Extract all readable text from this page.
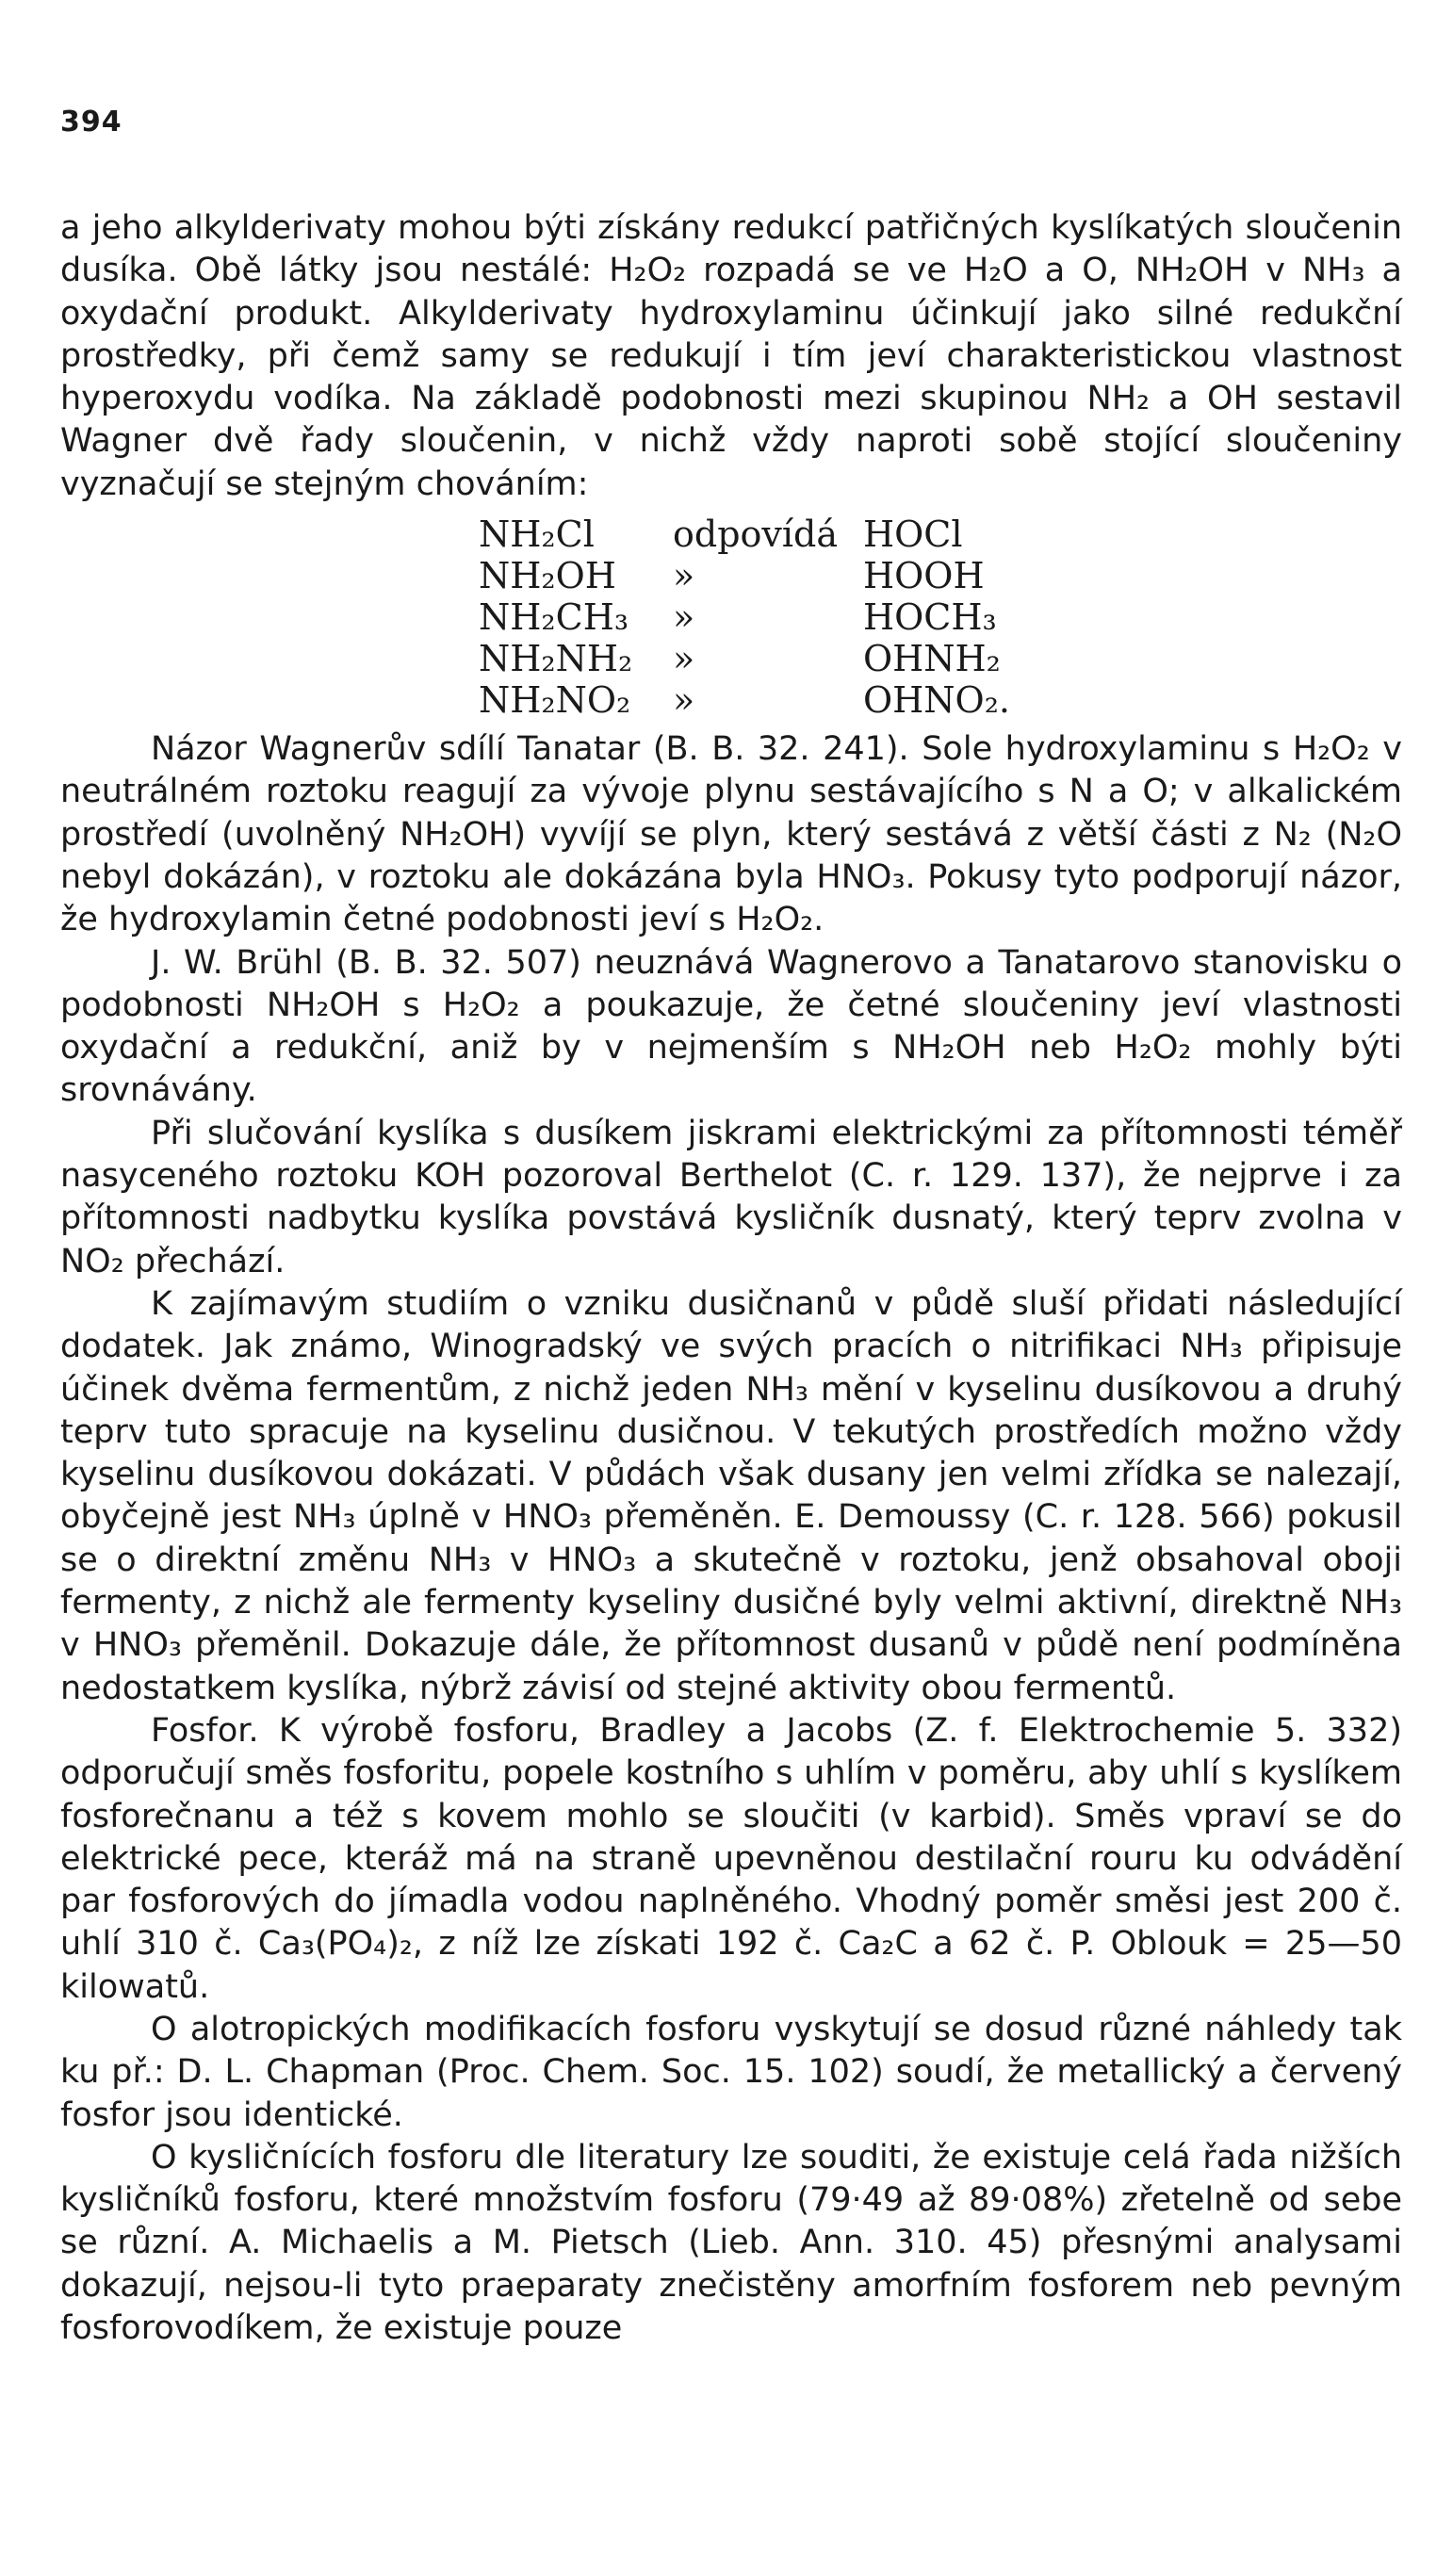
394

a jeho alkylderivaty mohou býti získány redukcí patřičných kyslíkatých sloučenin dusíka. Obě látky jsou nestálé: H₂O₂ rozpadá se ve H₂O a O, NH₂OH v NH₃ a oxydační produkt. Alkylderivaty hydroxylaminu účinkují jako silné redukční prostředky, při čemž samy se redukují i tím jeví charakteristickou vlastnost hyperoxydu vodíka. Na základě podobnosti mezi skupinou NH₂ a OH sestavil Wagner dvě řady sloučenin, v nichž vždy naproti sobě stojící sloučeniny vyznačují se stejným chováním:

NH₂Cl	odpovídá	HOCl
NH₂OH	»	HOOH
NH₂CH₃	»	HOCH₃
NH₂NH₂	»	OHNH₂
NH₂NO₂	»	OHNO₂.

Názor Wagnerův sdílí Tanatar (B. B. 32. 241). Sole hydroxylaminu s H₂O₂ v neutrálném roztoku reagují za vývoje plynu sestávajícího s N a O; v alkalickém prostředí (uvolněný NH₂OH) vyvíjí se plyn, který sestává z větší části z N₂ (N₂O nebyl dokázán), v roztoku ale dokázána byla HNO₃. Pokusy tyto podporují názor, že hydroxylamin četné podobnosti jeví s H₂O₂.

J. W. Brühl (B. B. 32. 507) neuznává Wagnerovo a Tanatarovo stanovisku o podobnosti NH₂OH s H₂O₂ a poukazuje, že četné sloučeniny jeví vlastnosti oxydační a redukční, aniž by v nejmenším s NH₂OH neb H₂O₂ mohly býti srovnávány.

Při slučování kyslíka s dusíkem jiskrami elektrickými za přítomnosti téměř nasyceného roztoku KOH pozoroval Berthelot (C. r. 129. 137), že nejprve i za přítomnosti nadbytku kyslíka povstává kysličník dusnatý, který teprv zvolna v NO₂ přechází.

K zajímavým studiím o vzniku dusičnanů v půdě sluší přidati následující dodatek. Jak známo, Winogradský ve svých pracích o nitrifikaci NH₃ připisuje účinek dvěma fermentům, z nichž jeden NH₃ mění v kyselinu dusíkovou a druhý teprv tuto spracuje na kyselinu dusičnou. V tekutých prostředích možno vždy kyselinu dusíkovou dokázati. V půdách však dusany jen velmi zřídka se nalezají, obyčejně jest NH₃ úplně v HNO₃ přeměněn. E. Demoussy (C. r. 128. 566) pokusil se o direktní změnu NH₃ v HNO₃ a skutečně v roztoku, jenž obsahoval oboji fermenty, z nichž ale fermenty kyseliny dusičné byly velmi aktivní, direktně NH₃ v HNO₃ přeměnil. Dokazuje dále, že přítomnost dusanů v půdě není podmíněna nedostatkem kyslíka, nýbrž závisí od stejné aktivity obou fermentů.

Fosfor. K výrobě fosforu, Bradley a Jacobs (Z. f. Elektrochemie 5. 332) odporučují směs fosforitu, popele kostního s uhlím v poměru, aby uhlí s kyslíkem fosforečnanu a též s kovem mohlo se sloučiti (v karbid). Směs vpraví se do elektrické pece, kteráž má na straně upevněnou destilační rouru ku odvádění par fosforových do jímadla vodou naplněného. Vhodný poměr směsi jest 200 č. uhlí 310 č. Ca₃(PO₄)₂, z níž lze získati 192 č. Ca₂C a 62 č. P. Oblouk = 25—50 kilowatů.

O alotropických modifikacích fosforu vyskytují se dosud různé náhledy tak ku př.: D. L. Chapman (Proc. Chem. Soc. 15. 102) soudí, že metallický a červený fosfor jsou identické.

O kysličnících fosforu dle literatury lze souditi, že existuje celá řada nižších kysličníků fosforu, které množstvím fosforu (79·49 až 89·08%) zřetelně od sebe se různí. A. Michaelis a M. Pietsch (Lieb. Ann. 310. 45) přesnými analysami dokazují, nejsou-li tyto praeparaty znečistěny amorfním fosforem neb pevným fosforovodíkem, že existuje pouze
